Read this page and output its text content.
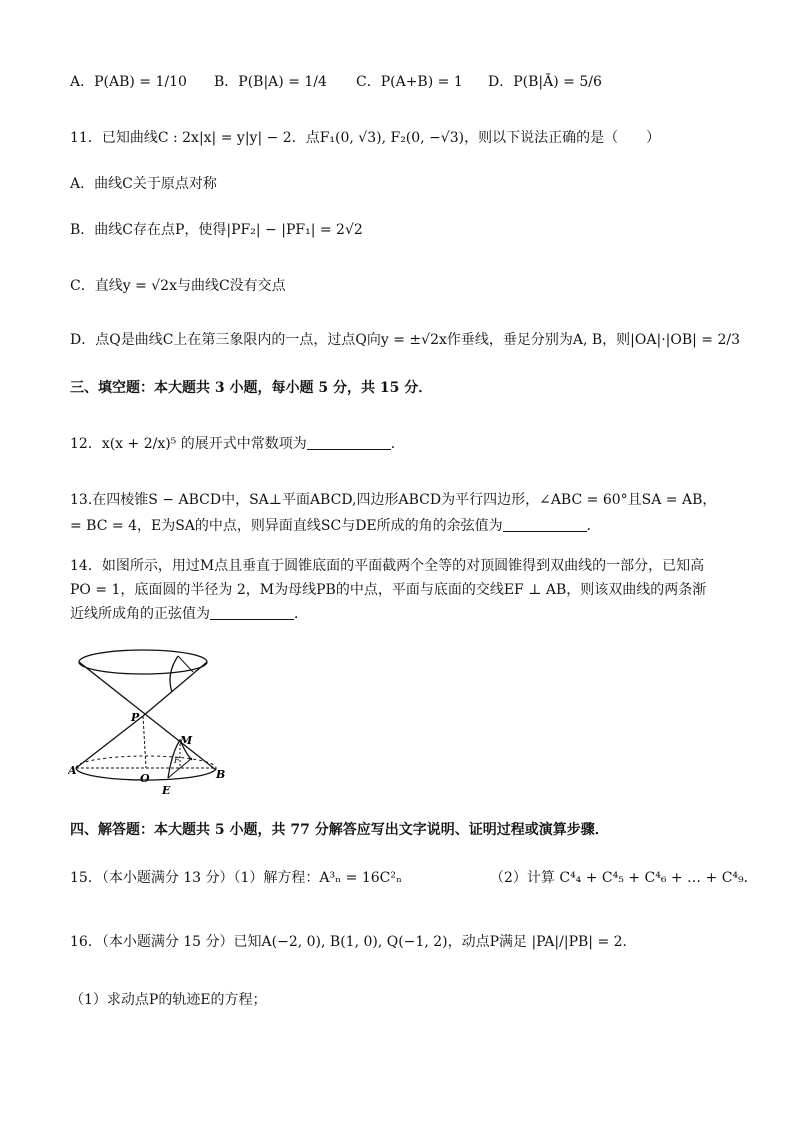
A．P(AB) = 1/10 B．P(B|A) = 1/4 C．P(A+B) = 1 D．P(B|Ā) = 5/6
11．已知曲线C : 2x|x| = y|y| − 2．点F₁(0, √3), F₂(0, −√3)，则以下说法正确的是（　　）
A．曲线C关于原点对称
B．曲线C存在点P，使得|PF₂| − |PF₁| = 2√2
C．直线y = √2x与曲线C没有交点
D．点Q是曲线C上在第三象限内的一点，过点Q向y = ±√2x作垂线，垂足分别为A, B，则|OA|·|OB| = 2/3
三、填空题：本大题共 3 小题，每小题 5 分，共 15 分．
12．x(x + 2/x)⁵ 的展开式中常数项为	．
13.在四棱锥S − ABCD中，SA⊥平面ABCD,四边形ABCD为平行四边形，∠ABC = 60°且SA = AB，
= BC = 4，E为SA的中点，则异面直线SC与DE所成的角的余弦值为	．
14．如图所示，用过M点且垂直于圆锥底面的平面截两个全等的对顶圆锥得到双曲线的一部分，已知高
PO = 1，底面圆的半径为 2，M为母线PB的中点，平面与底面的交线EF ⊥ AB，则该双曲线的两条渐
近线所成角的正弦值为	．
P
M
A
O	B
E
F
四、解答题：本大题共 5 小题，共 77 分解答应写出文字说明、证明过程或演算步骤．
15．（本小题满分 13 分）（1）解方程：A³ₙ = 16C²ₙ	（2）计算 C⁴₄ + C⁴₅ + C⁴₆ + … + C⁴₉．
16．（本小题满分 15 分）已知A(−2, 0), B(1, 0), Q(−1, 2)，动点P满足 |PA|/|PB| = 2．
（1）求动点P的轨迹E的方程；
